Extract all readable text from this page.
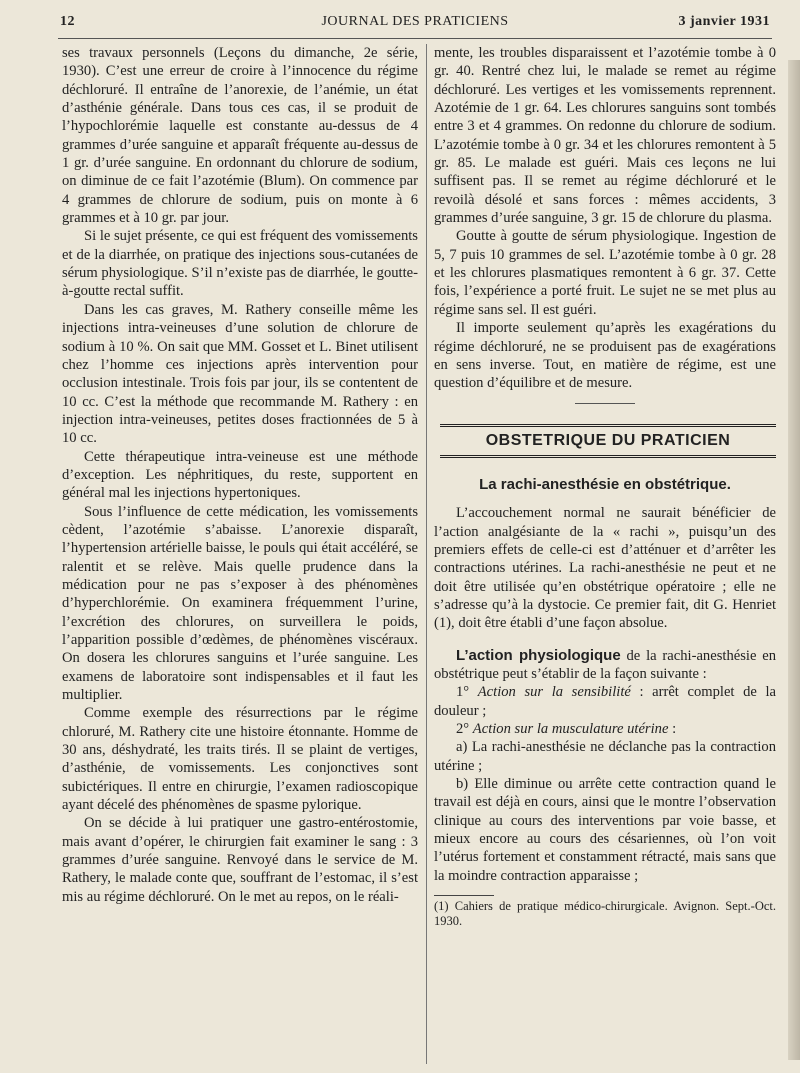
12	JOURNAL DES PRATICIENS	3 janvier 1931

ses travaux personnels (Leçons du dimanche, 2e série, 1930). C’est une erreur de croire à l’innocence du régime déchloruré. Il entraîne de l’anorexie, de l’anémie, un état d’asthénie générale. Dans tous ces cas, il se produit de l’hypochlorémie laquelle est constante au-dessus de 4 grammes d’urée sanguine et apparaît fréquente au-dessus de 1 gr. d’urée sanguine. En ordonnant du chlorure de sodium, on diminue de ce fait l’azotémie (Blum). On commence par 4 grammes de chlorure de sodium, puis on monte à 6 grammes et à 10 gr. par jour.

Si le sujet présente, ce qui est fréquent des vomissements et de la diarrhée, on pratique des injections sous-cutanées de sérum physiologique. S’il n’existe pas de diarrhée, le goutte-à-goutte rectal suffit.

Dans les cas graves, M. Rathery conseille même les injections intra-veineuses d’une solution de chlorure de sodium à 10 %. On sait que MM. Gosset et L. Binet utilisent chez l’homme ces injections après intervention pour occlusion intestinale. Trois fois par jour, ils se contentent de 10 cc. C’est la méthode que recommande M. Rathery : en injection intra-veineuses, petites doses fractionnées de 5 à 10 cc.

Cette thérapeutique intra-veineuse est une méthode d’exception. Les néphritiques, du reste, supportent en général mal les injections hypertoniques.

Sous l’influence de cette médication, les vomissements cèdent, l’azotémie s’abaisse. L’anorexie disparaît, l’hypertension artérielle baisse, le pouls qui était accéléré, se ralentit et se relève. Mais quelle prudence dans la médication pour ne pas s’exposer à des phénomènes d’hyperchlorémie. On examinera fréquemment l’urine, l’excrétion des chlorures, on surveillera le poids, l’apparition possible d’œdèmes, de phénomènes viscéraux. On dosera les chlorures sanguins et l’urée sanguine. Les examens de laboratoire sont indispensables et il faut les multiplier.

Comme exemple des résurrections par le régime chloruré, M. Rathery cite une histoire étonnante. Homme de 30 ans, déshydraté, les traits tirés. Il se plaint de vertiges, d’asthénie, de vomissements. Les conjonctives sont subictériques. Il entre en chirurgie, l’examen radioscopique ayant décelé des phénomènes de spasme pylorique.

On se décide à lui pratiquer une gastro-entérostomie, mais avant d’opérer, le chirurgien fait examiner le sang : 3 grammes d’urée sanguine. Renvoyé dans le service de M. Rathery, le malade conte que, souffrant de l’estomac, il s’est mis au régime déchloruré. On le met au repos, on le réali-

mente, les troubles disparaissent et l’azotémie tombe à 0 gr. 40. Rentré chez lui, le malade se remet au régime déchloruré. Les vertiges et les vomissements reprennent. Azotémie de 1 gr. 64. Les chlorures sanguins sont tombés entre 3 et 4 grammes. On redonne du chlorure de sodium. L’azotémie tombe à 0 gr. 34 et les chlorures remontent à 5 gr. 85. Le malade est guéri. Mais ces leçons ne lui suffisent pas. Il se remet au régime déchloruré et le revoilà désolé et sans forces : mêmes accidents, 3 grammes d’urée sanguine, 3 gr. 15 de chlorure du plasma.

Goutte à goutte de sérum physiologique. Ingestion de 5, 7 puis 10 grammes de sel. L’azotémie tombe à 0 gr. 28 et les chlorures plasmatiques remontent à 6 gr. 37. Cette fois, l’expérience a porté fruit. Le sujet ne se met plus au régime sans sel. Il est guéri.

Il importe seulement qu’après les exagérations du régime déchloruré, ne se produisent pas de exagérations en sens inverse. Tout, en matière de régime, est une question d’équilibre et de mesure.

OBSTETRIQUE DU PRATICIEN
La rachi-anesthésie en obstétrique.

L’accouchement normal ne saurait bénéficier de l’action analgésiante de la « rachi », puisqu’un des premiers effets de celle-ci est d’atténuer et d’arrêter les contractions utérines. La rachi-anesthésie ne peut et ne doit être utilisée qu’en obstétrique opératoire ; elle ne s’adresse qu’à la dystocie. Ce premier fait, dit G. Henriet (1), doit être établi d’une façon absolue.

L’action physiologique de la rachi-anesthésie en obstétrique peut s’établir de la façon suivante :

1° Action sur la sensibilité : arrêt complet de la douleur ;

2° Action sur la musculature utérine :

a) La rachi-anesthésie ne déclanche pas la contraction utérine ;

b) Elle diminue ou arrête cette contraction quand le travail est déjà en cours, ainsi que le montre l’observation clinique au cours des interventions par voie basse, et mieux encore au cours des césariennes, où l’on voit l’utérus fortement et constamment rétracté, mais sans que la moindre contraction apparaisse ;

(1) Cahiers de pratique médico-chirurgicale. Avignon. Sept.-Oct. 1930.
